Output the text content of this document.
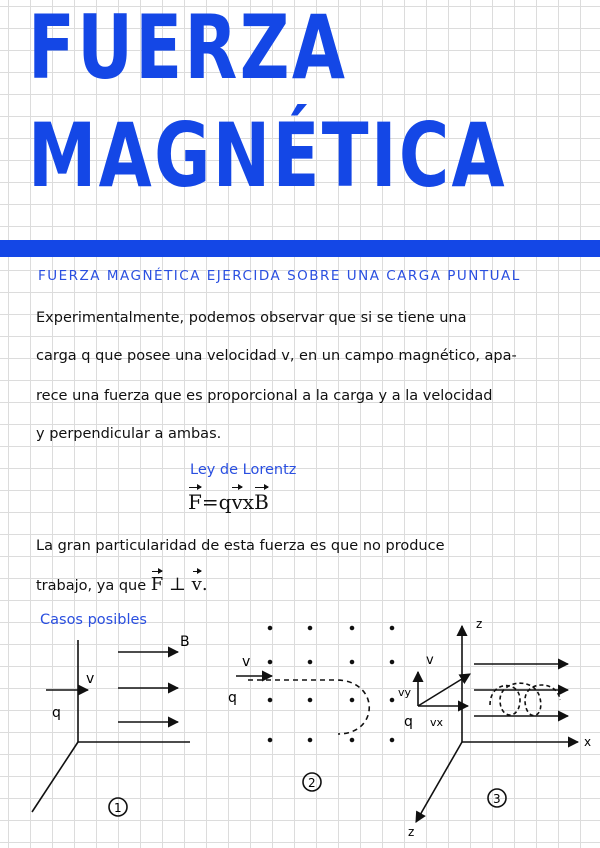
FUERZA
MAGNÉTICA
FUERZA MAGNÉTICA EJERCIDA SOBRE UNA CARGA PUNTUAL
Experimentalmente, podemos observar que si se tiene una
carga q que posee una velocidad v, en un campo magnético, apa-
rece una fuerza que es proporcional a la carga y a la velocidad
y perpendicular a ambas.
Ley de Lorentz
F=qvxB
La gran particularidad de esta fuerza es que no produce
trabajo, ya que F ⊥ v.
Casos posibles
B
v
q
1
v
q
2
z
x
z
v
vy
vx
q
3
